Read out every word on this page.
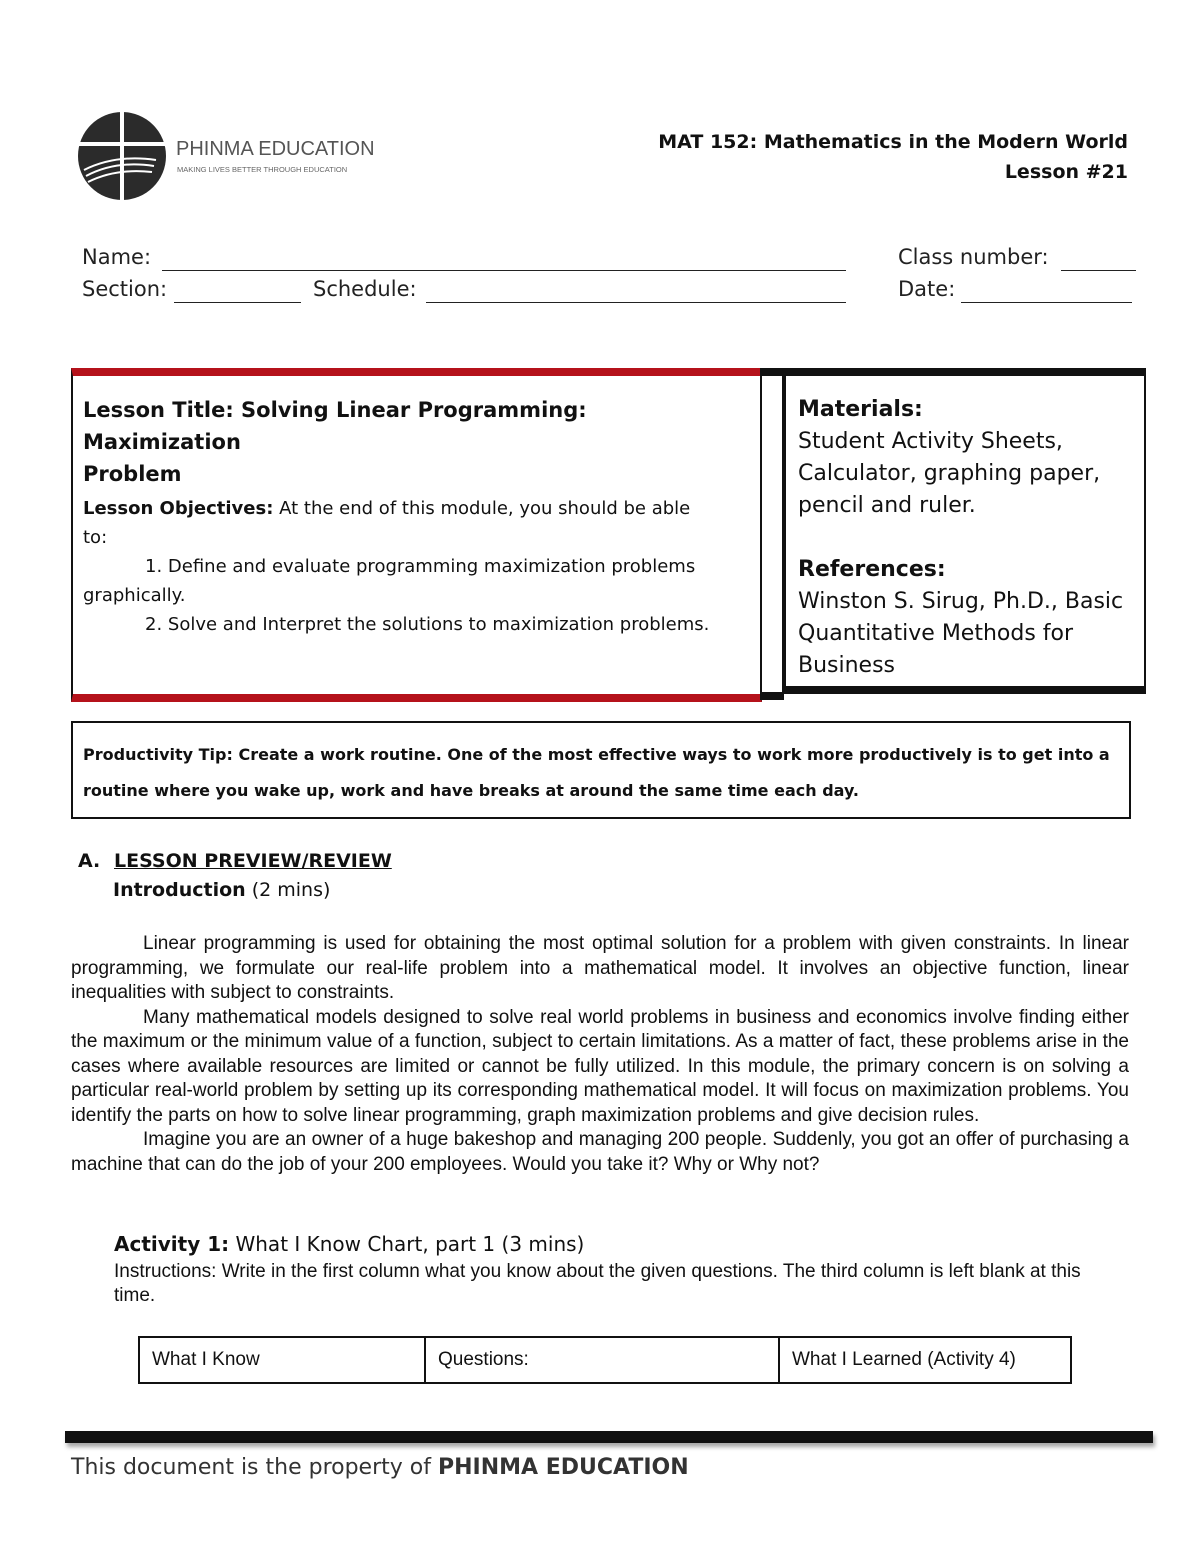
PHINMA EDUCATION
MAKING LIVES BETTER THROUGH EDUCATION
MAT 152: Mathematics in the Modern World
Lesson #21
Name:	Class number:
Section:	Schedule:	Date:
Lesson Title: Solving Linear Programming: Maximization
Problem
Lesson Objectives: At the end of this module, you should be able
to:
1. Define and evaluate programming maximization problems
graphically.
2. Solve and Interpret the solutions to maximization problems.
Materials:
Student Activity Sheets,
Calculator, graphing paper,
pencil and ruler.
References:
Winston S. Sirug, Ph.D., Basic
Quantitative Methods for
Business
Productivity Tip: Create a work routine. One of the most effective ways to work more productively is to get into a
routine where you wake up, work and have breaks at around the same time each day.
A. LESSON PREVIEW/REVIEW
Introduction (2 mins)

Linear programming is used for obtaining the most optimal solution for a problem with given constraints. In linear programming, we formulate our real-life problem into a mathematical model. It involves an objective function, linear inequalities with subject to constraints.

Many mathematical models designed to solve real world problems in business and economics involve finding either the maximum or the minimum value of a function, subject to certain limitations. As a matter of fact, these problems arise in the cases where available resources are limited or cannot be fully utilized. In this module, the primary concern is on solving a particular real-world problem by setting up its corresponding mathematical model. It will focus on maximization problems. You identify the parts on how to solve linear programming, graph maximization problems and give decision rules.

Imagine you are an owner of a huge bakeshop and managing 200 people. Suddenly, you got an offer of purchasing a machine that can do the job of your 200 employees. Would you take it? Why or Why not?

Activity 1: What I Know Chart, part 1 (3 mins)
Instructions: Write in the first column what you know about the given questions. The third column is left blank at this time.
What I Know	Questions:	What I Learned (Activity 4)
This document is the property of PHINMA EDUCATION
